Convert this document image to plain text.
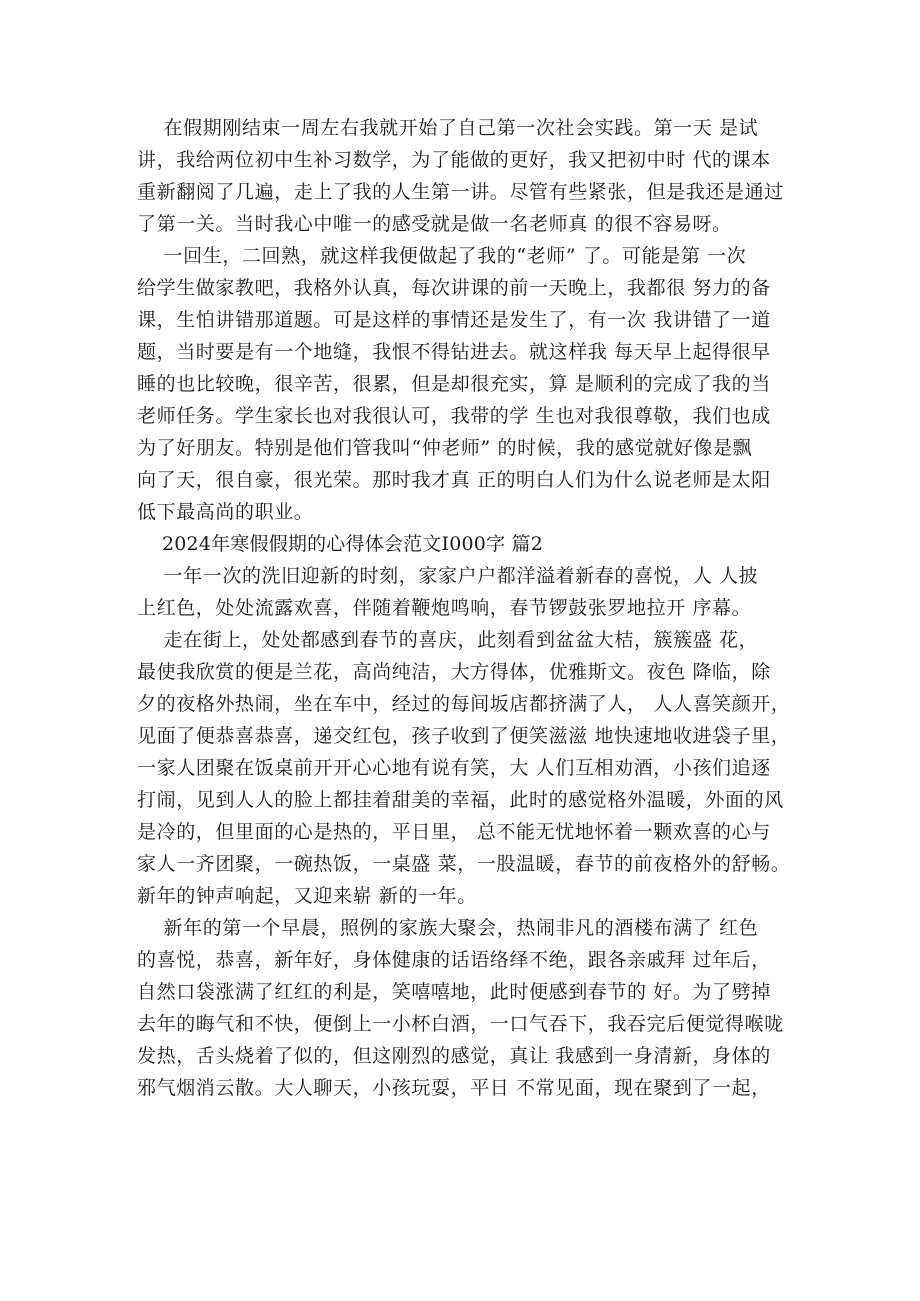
在假期刚结束一周左右我就开始了自己第一次社会实践。第一天 是试
讲，我给两位初中生补习数学，为了能做的更好，我又把初中时 代的课本
重新翻阅了几遍，走上了我的人生第一讲。尽管有些紧张，但是我还是通过
了第一关。当时我心中唯一的感受就是做一名老师真 的很不容易呀。
一回生，二回熟，就这样我便做起了我的“老师” 了。可能是第 一次
给学生做家教吧，我格外认真，每次讲课的前一天晚上，我都很 努力的备
课，生怕讲错那道题。可是这样的事情还是发生了，有一次 我讲错了一道
题，当时要是有一个地缝，我恨不得钻进去。就这样我 每天早上起得很早
睡的也比较晚，很辛苦，很累，但是却很充实，算 是顺利的完成了我的当
老师任务。学生家长也对我很认可，我带的学 生也对我很尊敬，我们也成
为了好朋友。特别是他们管我叫“仲老师” 的时候，我的感觉就好像是飘
向了天，很自豪，很光荣。那时我才真 正的明白人们为什么说老师是太阳
低下最高尚的职业。
2024年寒假假期的心得体会范文I000字 篇2
一年一次的洗旧迎新的时刻，家家户户都洋溢着新春的喜悦，人 人披
上红色，处处流露欢喜，伴随着鞭炮鸣响，春节锣鼓张罗地拉开 序幕。
走在街上，处处都感到春节的喜庆，此刻看到盆盆大桔，簇簇盛 花，
最使我欣赏的便是兰花，高尚纯洁，大方得体，优雅斯文。夜色 降临，除
夕的夜格外热闹，坐在车中，经过的每间坂店都挤满了人， 人人喜笑颜开，
见面了便恭喜恭喜，递交红包，孩子收到了便笑滋滋 地快速地收进袋子里，
一家人团聚在饭桌前开开心心地有说有笑，大 人们互相劝酒，小孩们追逐
打闹，见到人人的脸上都挂着甜美的幸福，此时的感觉格外温暖，外面的风
是冷的，但里面的心是热的，平日里， 总不能无忧地怀着一颗欢喜的心与
家人一齐团聚，一碗热饭，一桌盛 菜，一股温暖，春节的前夜格外的舒畅。
新年的钟声响起，又迎来崭 新的一年。
新年的第一个早晨，照例的家族大聚会，热闹非凡的酒楼布满了 红色
的喜悦，恭喜，新年好，身体健康的话语络绎不绝，跟各亲戚拜 过年后，
自然口袋涨满了红红的利是，笑嘻嘻地，此时便感到春节的 好。为了劈掉
去年的晦气和不快，便倒上一小杯白酒，一口气吞下，我吞完后便觉得喉咙
发热，舌头烧着了似的，但这刚烈的感觉，真让 我感到一身清新，身体的
邪气烟消云散。大人聊天，小孩玩耍，平日 不常见面，现在聚到了一起，
